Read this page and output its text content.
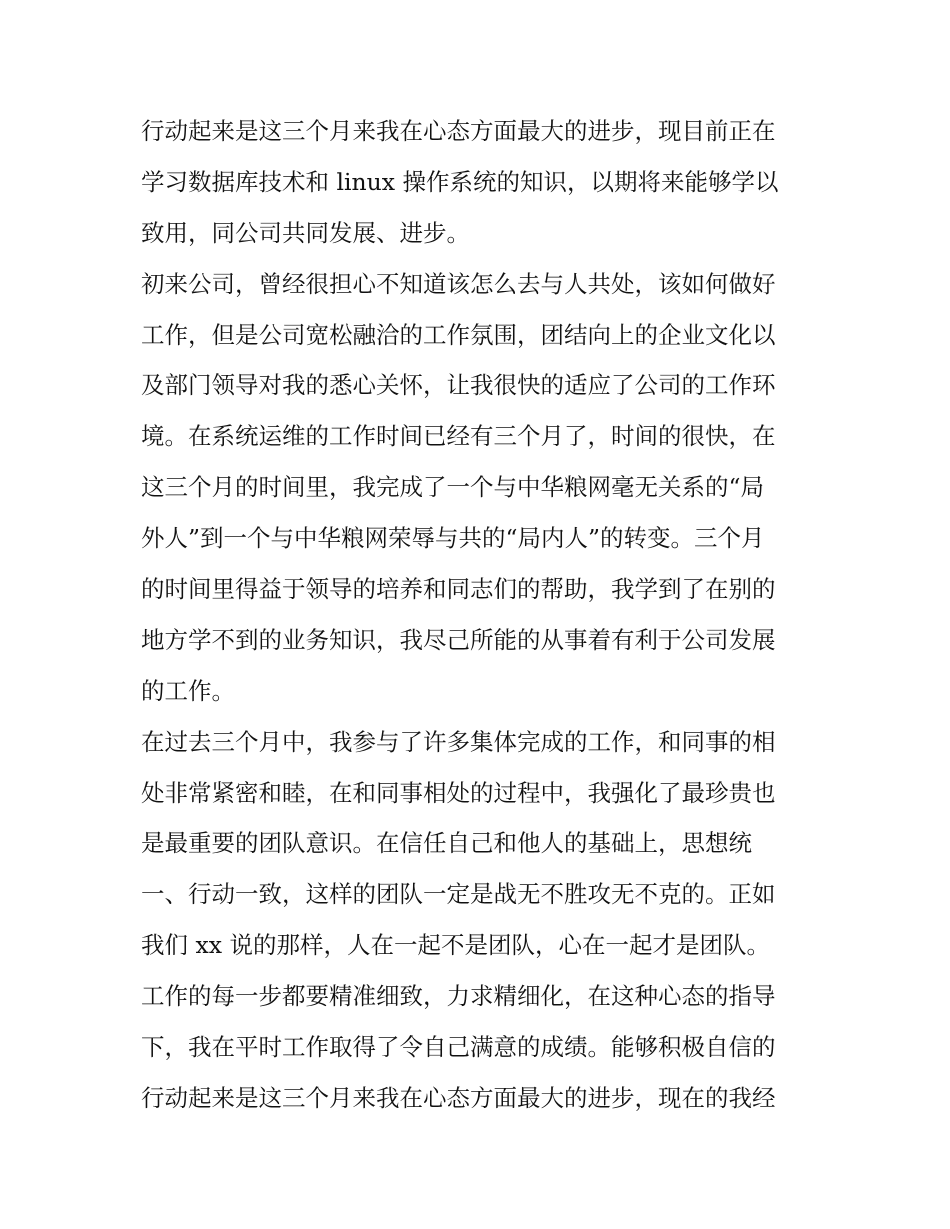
行动起来是这三个月来我在心态方面最大的进步，现目前正在
学习数据库技术和 linux 操作系统的知识，以期将来能够学以
致用，同公司共同发展、进步。
初来公司，曾经很担心不知道该怎么去与人共处，该如何做好
工作，但是公司宽松融洽的工作氛围，团结向上的企业文化以
及部门领导对我的悉心关怀，让我很快的适应了公司的工作环
境。在系统运维的工作时间已经有三个月了，时间的很快，在
这三个月的时间里，我完成了一个与中华粮网毫无关系的“局
外人”到一个与中华粮网荣辱与共的“局内人”的转变。三个月
的时间里得益于领导的培养和同志们的帮助，我学到了在别的
地方学不到的业务知识，我尽己所能的从事着有利于公司发展
的工作。
在过去三个月中，我参与了许多集体完成的工作，和同事的相
处非常紧密和睦，在和同事相处的过程中，我强化了最珍贵也
是最重要的团队意识。在信任自己和他人的基础上，思想统
一、行动一致，这样的团队一定是战无不胜攻无不克的。正如
我们 xx 说的那样，人在一起不是团队，心在一起才是团队。
工作的每一步都要精准细致，力求精细化，在这种心态的指导
下，我在平时工作取得了令自己满意的成绩。能够积极自信的
行动起来是这三个月来我在心态方面最大的进步，现在的我经
